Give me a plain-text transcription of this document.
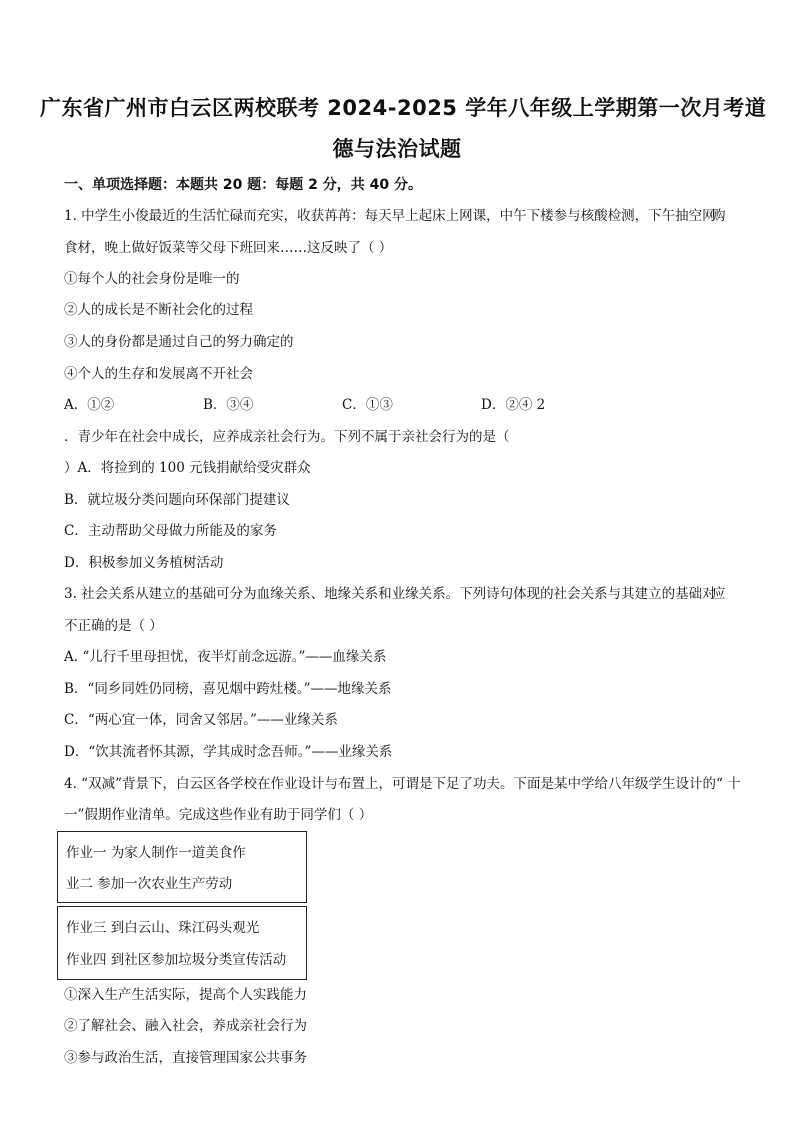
广东省广州市白云区两校联考 2024-2025 学年八年级上学期第一次月考道
德与法治试题

一、单项选择题：本题共 20 题：每题 2 分，共 40 分。

1. 中学生小俊最近的生活忙碌而充实，收获苒苒：每天早上起床上网课，中午下楼参与核酸检测，下午抽空网

购

食材，晚上做好饭菜等父母下班回来……这反映了（ ）

①每个人的社会身份是唯一的

②人的成长是不断社会化的过程

③人的身份都是通过自己的努力确定的

④个人的生存和发展离不开社会

A．①②	B．③④	C．①③	D．②④ 2

．青少年在社会中成长，应养成亲社会行为。下列不属于亲社会行为的是（

）A．将捡到的 100 元钱捐献给受灾群众

B．就垃圾分类问题向环保部门提建议

C．主动帮助父母做力所能及的家务

D．积极参加义务植树活动

3. 社会关系从建立的基础可分为血缘关系、地缘关系和业缘关系。下列诗句体现的社会关系与其建立的基础对

应

不正确的是（ ）

A. “儿行千里母担忧，夜半灯前念远游。”——血缘关系

B．“同乡同姓仍同榜，喜见烟中跨灶楼。”——地缘关系

C．“两心宜一体，同舍又邻居。”——业缘关系

D．“饮其流者怀其源，学其成时念吾师。”——业缘关系

4. “双减”背景下，白云区各学校在作业设计与布置上，可谓是下足了功夫。下面是某中学给八年级学生设计的“ 十

一”假期作业清单。完成这些作业有助于同学们（ ）

作业一 为家人制作一道美食作
业二 参加一次农业生产劳动
作业三 到白云山、珠江码头观光
作业四 到社区参加垃圾分类宣传活动

①深入生产生活实际，提高个人实践能力

②了解社会、融入社会，养成亲社会行为

③参与政治生活，直接管理国家公共事务
